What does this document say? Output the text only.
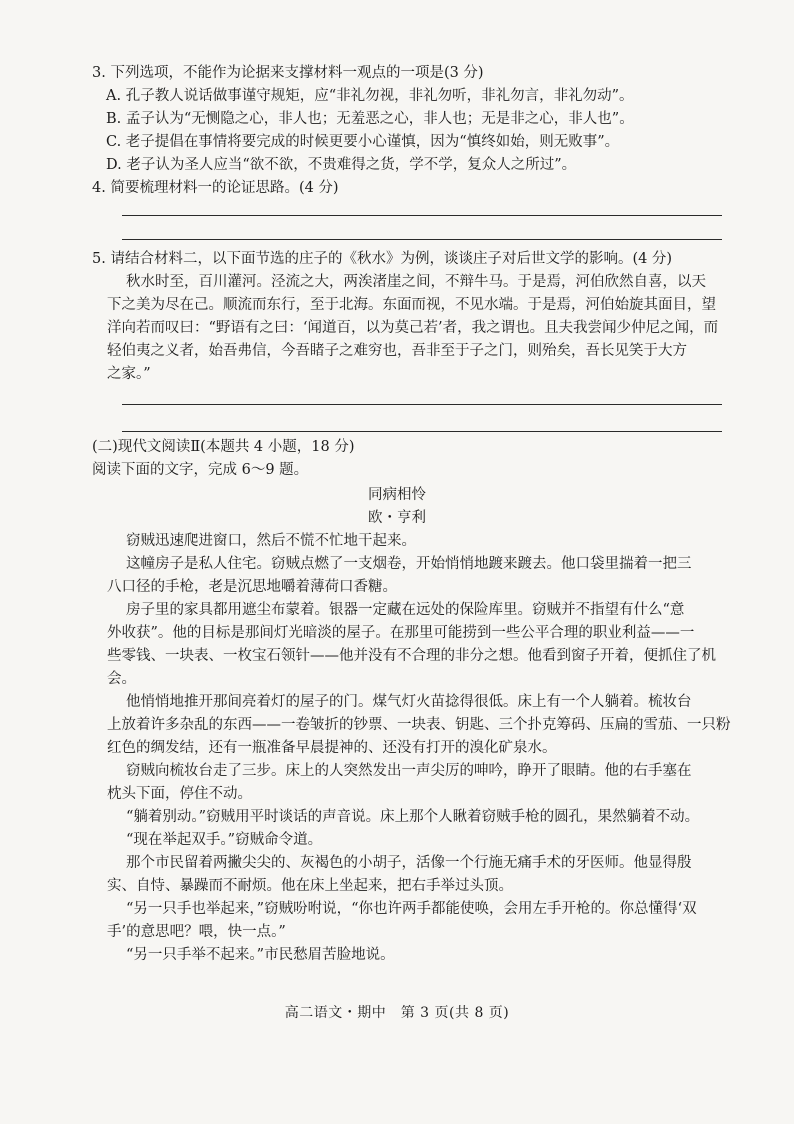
3. 下列选项，不能作为论据来支撑材料一观点的一项是(3 分)
A. 孔子教人说话做事谨守规矩，应“非礼勿视，非礼勿听，非礼勿言，非礼勿动”。
B. 孟子认为“无恻隐之心，非人也；无羞恶之心，非人也；无是非之心，非人也”。
C. 老子提倡在事情将要完成的时候更要小心谨慎，因为“慎终如始，则无败事”。
D. 老子认为圣人应当“欲不欲，不贵难得之货，学不学，复众人之所过”。
4. 简要梳理材料一的论证思路。(4 分)
5. 请结合材料二，以下面节选的庄子的《秋水》为例，谈谈庄子对后世文学的影响。(4 分)
秋水时至，百川灌河。泾流之大，两涘渚崖之间，不辩牛马。于是焉，河伯欣然自喜，以天
下之美为尽在己。顺流而东行，至于北海。东面而视，不见水端。于是焉，河伯始旋其面目，望
洋向若而叹曰：“野语有之曰：‘闻道百，以为莫己若’者，我之谓也。且夫我尝闻少仲尼之闻，而
轻伯夷之义者，始吾弗信，今吾睹子之难穷也，吾非至于子之门，则殆矣，吾长见笑于大方
之家。”
(二)现代文阅读Ⅱ(本题共 4 小题，18 分)
阅读下面的文字，完成 6～9 题。
同病相怜
欧・亨利
窃贼迅速爬进窗口，然后不慌不忙地干起来。
这幢房子是私人住宅。窃贼点燃了一支烟卷，开始悄悄地踱来踱去。他口袋里揣着一把三
八口径的手枪，老是沉思地嚼着薄荷口香糖。
房子里的家具都用遮尘布蒙着。银器一定藏在远处的保险库里。窃贼并不指望有什么“意
外收获”。他的目标是那间灯光暗淡的屋子。在那里可能捞到一些公平合理的职业利益——一
些零钱、一块表、一枚宝石领针——他并没有不合理的非分之想。他看到窗子开着，便抓住了机
会。
他悄悄地推开那间亮着灯的屋子的门。煤气灯火苗捻得很低。床上有一个人躺着。梳妆台
上放着许多杂乱的东西——一卷皱折的钞票、一块表、钥匙、三个扑克筹码、压扁的雪茄、一只粉
红色的绸发结，还有一瓶准备早晨提神的、还没有打开的溴化矿泉水。
窃贼向梳妆台走了三步。床上的人突然发出一声尖厉的呻吟，睁开了眼睛。他的右手塞在
枕头下面，停住不动。
“躺着别动。”窃贼用平时谈话的声音说。床上那个人瞅着窃贼手枪的圆孔，果然躺着不动。
“现在举起双手。”窃贼命令道。
那个市民留着两撇尖尖的、灰褐色的小胡子，活像一个行施无痛手术的牙医师。他显得殷
实、自恃、暴躁而不耐烦。他在床上坐起来，把右手举过头顶。
“另一只手也举起来，”窃贼吩咐说，“你也许两手都能使唤，会用左手开枪的。你总懂得‘双
手’的意思吧？喂，快一点。”
“另一只手举不起来。”市民愁眉苦脸地说。
高二语文・期中　第 3 页(共 8 页)
